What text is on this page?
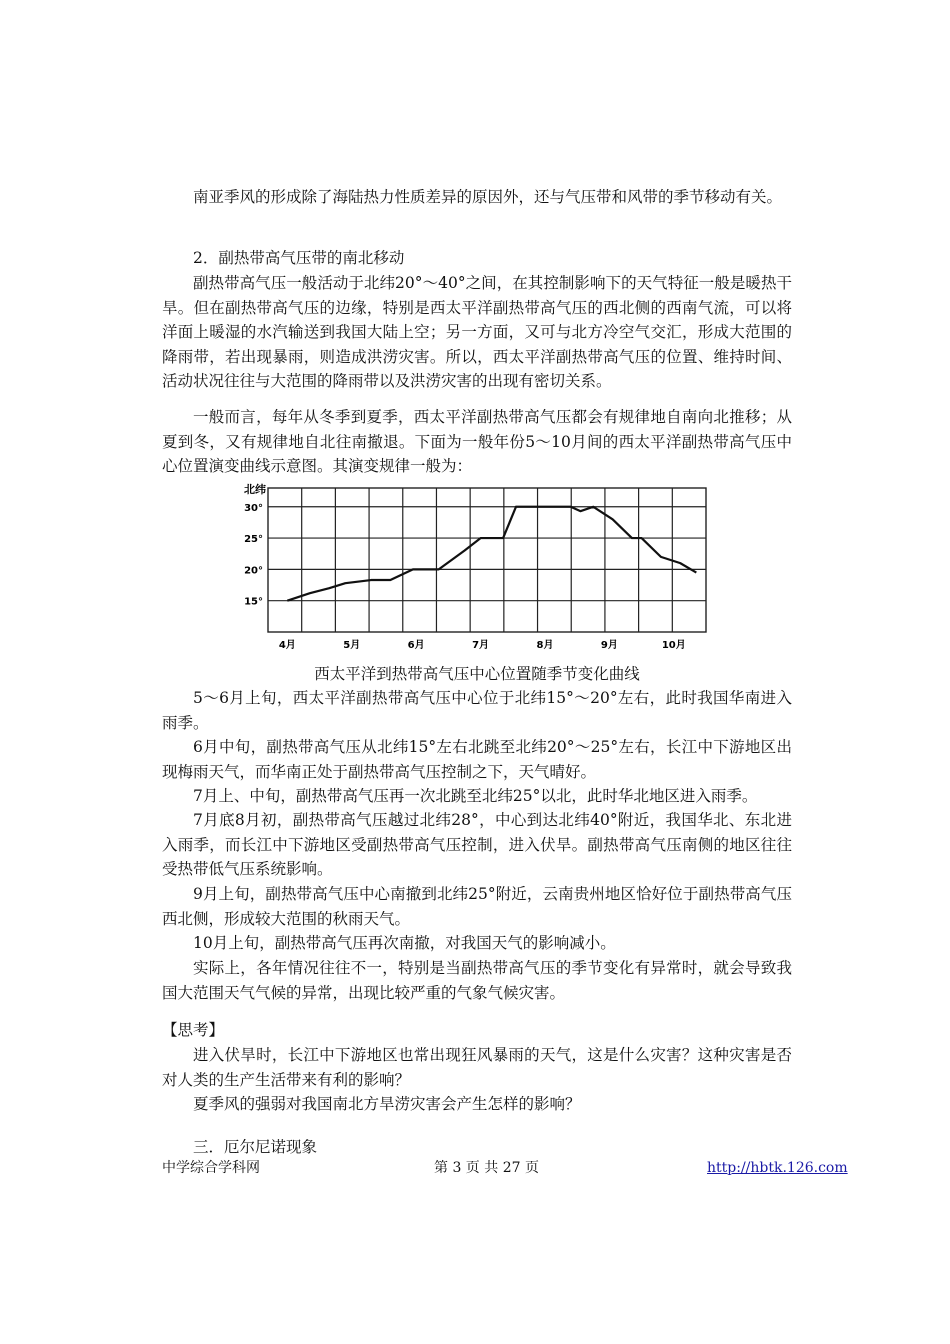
南亚季风的形成除了海陆热力性质差异的原因外，还与气压带和风带的季节移动有关。

2．副热带高气压带的南北移动

副热带高气压一般活动于北纬20°～40°之间，在其控制影响下的天气特征一般是暖热干旱。但在副热带高气压的边缘，特别是西太平洋副热带高气压的西北侧的西南气流，可以将洋面上暖湿的水汽输送到我国大陆上空；另一方面，又可与北方冷空气交汇，形成大范围的降雨带，若出现暴雨，则造成洪涝灾害。所以，西太平洋副热带高气压的位置、维持时间、活动状况往往与大范围的降雨带以及洪涝灾害的出现有密切关系。

一般而言，每年从冬季到夏季，西太平洋副热带高气压都会有规律地自南向北推移；从夏到冬，又有规律地自北往南撤退。下面为一般年份5～10月间的西太平洋副热带高气压中心位置演变曲线示意图。其演变规律一般为：

30°
25°
20°
15°
4月	5月	6月	7月	8月	9月	10月
北纬
西太平洋到热带高气压中心位置随季节变化曲线

5～6月上旬，西太平洋副热带高气压中心位于北纬15°～20°左右，此时我国华南进入雨季。

6月中旬，副热带高气压从北纬15°左右北跳至北纬20°～25°左右，长江中下游地区出现梅雨天气，而华南正处于副热带高气压控制之下，天气晴好。

7月上、中旬，副热带高气压再一次北跳至北纬25°以北，此时华北地区进入雨季。

7月底8月初，副热带高气压越过北纬28°，中心到达北纬40°附近，我国华北、东北进入雨季，而长江中下游地区受副热带高气压控制，进入伏旱。副热带高气压南侧的地区往往受热带低气压系统影响。

9月上旬，副热带高气压中心南撤到北纬25°附近，云南贵州地区恰好位于副热带高气压西北侧，形成较大范围的秋雨天气。

10月上旬，副热带高气压再次南撤，对我国天气的影响减小。

实际上，各年情况往往不一，特别是当副热带高气压的季节变化有异常时，就会导致我国大范围天气气候的异常，出现比较严重的气象气候灾害。

【思考】

进入伏旱时，长江中下游地区也常出现狂风暴雨的天气，这是什么灾害？这种灾害是否对人类的生产生活带来有利的影响？

夏季风的强弱对我国南北方旱涝灾害会产生怎样的影响？

三．厄尔尼诺现象

中学综合学科网	第 3 页 共 27 页	http://hbtk.126.com
